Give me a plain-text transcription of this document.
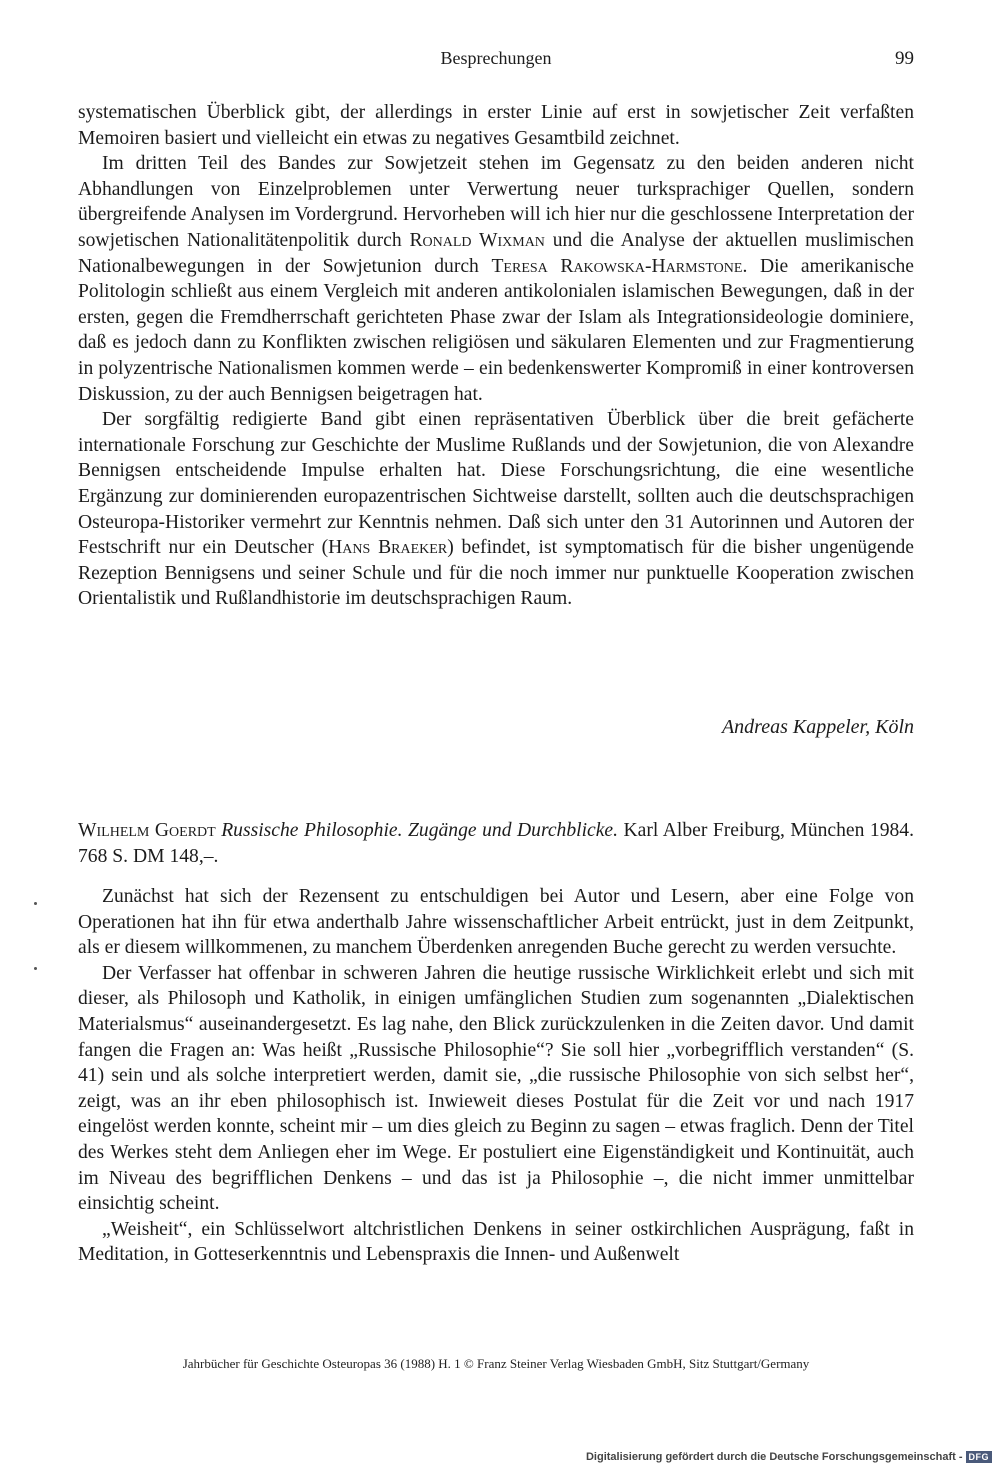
Besprechungen	99

systematischen Überblick gibt, der allerdings in erster Linie auf erst in sowjetischer Zeit verfaßten Memoiren basiert und vielleicht ein etwas zu negatives Gesamtbild zeichnet.

Im dritten Teil des Bandes zur Sowjetzeit stehen im Gegensatz zu den beiden anderen nicht Abhandlungen von Einzelproblemen unter Verwertung neuer turksprachiger Quellen, sondern übergreifende Analysen im Vordergrund. Hervorheben will ich hier nur die geschlossene Interpretation der sowjetischen Nationalitätenpolitik durch Ronald Wixman und die Analyse der aktuellen muslimischen Nationalbewegungen in der Sowjetunion durch Teresa Rakowska-Harmstone. Die amerikanische Politologin schließt aus einem Vergleich mit anderen antikolonialen islamischen Bewegungen, daß in der ersten, gegen die Fremdherrschaft gerichteten Phase zwar der Islam als Integrationsideologie dominiere, daß es jedoch dann zu Konflikten zwischen religiösen und säkularen Elementen und zur Fragmentierung in polyzentrische Nationalismen kommen werde – ein bedenkenswerter Kompromiß in einer kontroversen Diskussion, zu der auch Bennigsen beigetragen hat.

Der sorgfältig redigierte Band gibt einen repräsentativen Überblick über die breit gefächerte internationale Forschung zur Geschichte der Muslime Rußlands und der Sowjetunion, die von Alexandre Bennigsen entscheidende Impulse erhalten hat. Diese Forschungsrichtung, die eine wesentliche Ergänzung zur dominierenden europazentrischen Sichtweise darstellt, sollten auch die deutschsprachigen Osteuropa-Historiker vermehrt zur Kenntnis nehmen. Daß sich unter den 31 Autorinnen und Autoren der Festschrift nur ein Deutscher (Hans Braeker) befindet, ist symptomatisch für die bisher ungenügende Rezeption Bennigsens und seiner Schule und für die noch immer nur punktuelle Kooperation zwischen Orientalistik und Rußlandhistorie im deutschsprachigen Raum.

Andreas Kappeler, Köln
Wilhelm Goerdt Russische Philosophie. Zugänge und Durchblicke. Karl Alber Freiburg, München 1984. 768 S. DM 148,–.

Zunächst hat sich der Rezensent zu entschuldigen bei Autor und Lesern, aber eine Folge von Operationen hat ihn für etwa anderthalb Jahre wissenschaftlicher Arbeit entrückt, just in dem Zeitpunkt, als er diesem willkommenen, zu manchem Überdenken anregenden Buche gerecht zu werden versuchte.

Der Verfasser hat offenbar in schweren Jahren die heutige russische Wirklichkeit erlebt und sich mit dieser, als Philosoph und Katholik, in einigen umfänglichen Studien zum sogenannten „Dialektischen Materialsmus“ auseinandergesetzt. Es lag nahe, den Blick zurückzulenken in die Zeiten davor. Und damit fangen die Fragen an: Was heißt „Russische Philosophie“? Sie soll hier „vorbegrifflich verstanden“ (S. 41) sein und als solche interpretiert werden, damit sie, „die russische Philosophie von sich selbst her“, zeigt, was an ihr eben philosophisch ist. Inwieweit dieses Postulat für die Zeit vor und nach 1917 eingelöst werden konnte, scheint mir – um dies gleich zu Beginn zu sagen – etwas fraglich. Denn der Titel des Werkes steht dem Anliegen eher im Wege. Er postuliert eine Eigenständigkeit und Kontinuität, auch im Niveau des begrifflichen Denkens – und das ist ja Philosophie –, die nicht immer unmittelbar einsichtig scheint.

„Weisheit“, ein Schlüsselwort altchristlichen Denkens in seiner ostkirchlichen Ausprägung, faßt in Meditation, in Gotteserkenntnis und Lebenspraxis die Innen- und Außenwelt

Jahrbücher für Geschichte Osteuropas 36 (1988) H. 1 © Franz Steiner Verlag Wiesbaden GmbH, Sitz Stuttgart/Germany
Digitalisierung gefördert durch die Deutsche Forschungsgemeinschaft - DFG
